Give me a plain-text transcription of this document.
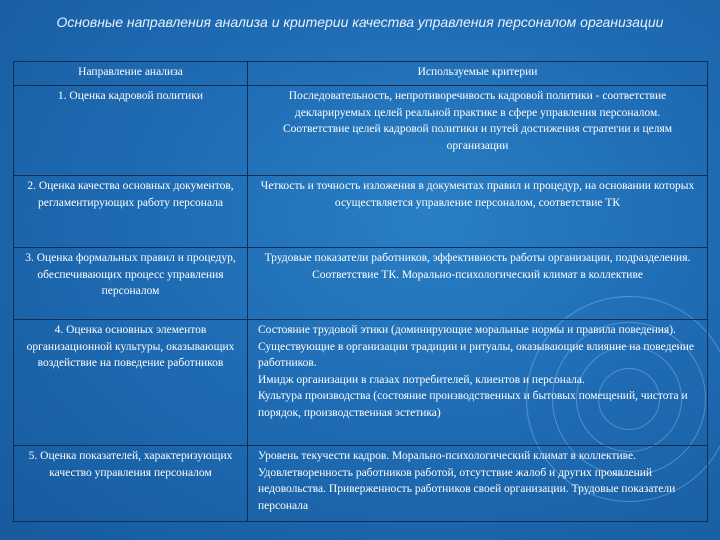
Основные направления анализа и критерии качества управления персоналом организации
Направление анализа	Используемые критерии
1. Оценка кадровой политики	Последовательность, непротиворечивость кадровой политики - соответствие декларируемых целей реальной практике в сфере управления персоналом.
Соответствие целей кадровой политики и путей достижения стратегии и целям организации

2. Оценка качества основных документов, регламентирующих работу персонала	Четкость и точность изложения в документах правил и процедур, на основании которых осуществляется управление персоналом, соответствие ТК

3. Оценка формальных правил и процедур, обеспечивающих процесс управления персоналом	Трудовые показатели работников, эффективность работы организации, подразделения. Соответствие ТК. Морально-психологический климат в коллективе

4. Оценка основных элементов организационной культуры, оказывающих воздействие на поведение работников	Состояние трудовой этики (доминирующие моральные нормы и правила поведения).
Существующие в организации традиции и ритуалы, оказывающие влияние на поведение работников.
Имидж организации в глазах потребителей, клиентов и персонала.
Культура производства (состояние производственных и бытовых помещений, чистота и порядок, производственная эстетика)

5. Оценка показателей, характеризующих качество управления персоналом	Уровень текучести кадров. Морально-психологический климат в коллективе. Удовлетворенность работников работой, отсутствие жалоб и других проявлений недовольства. Приверженность работников своей организации. Трудовые показатели персонала
